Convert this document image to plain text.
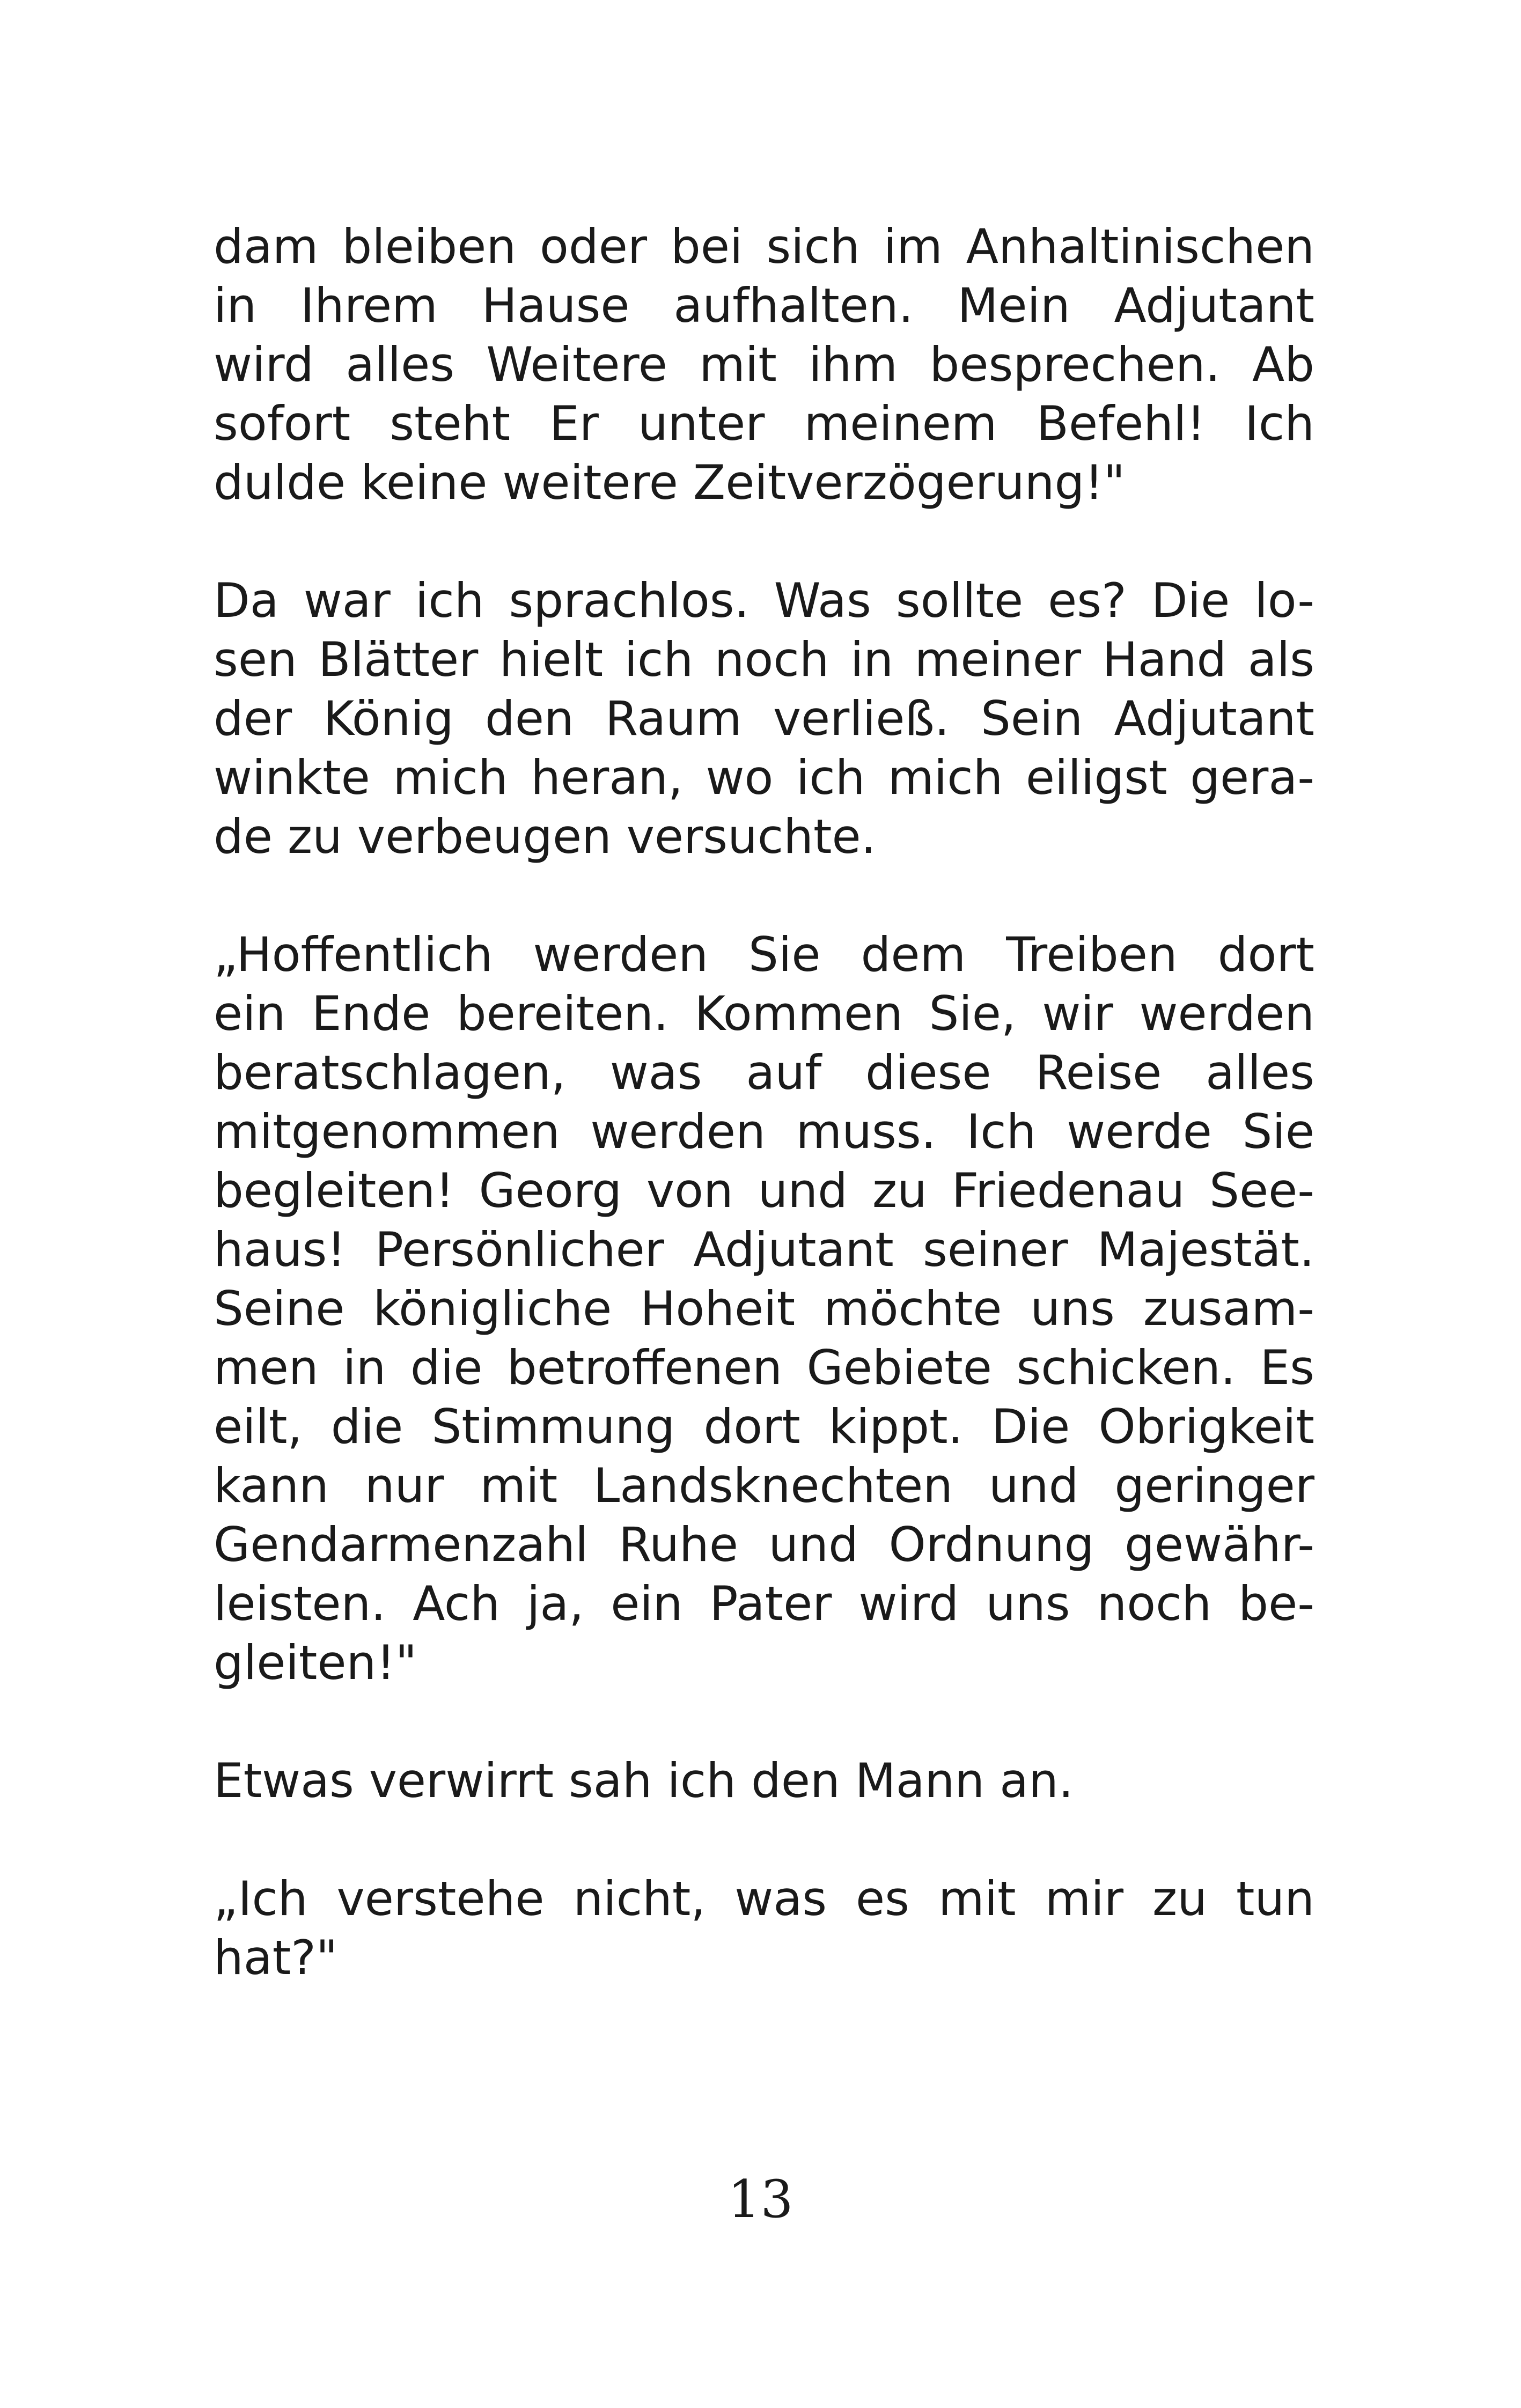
dam bleiben oder bei sich im Anhaltinischen
in Ihrem Hause aufhalten. Mein Adjutant
wird alles Weitere mit ihm besprechen. Ab
sofort steht Er unter meinem Befehl! Ich
dulde keine weitere Zeitverzögerung!"
Da war ich sprachlos. Was sollte es? Die lo-
sen Blätter hielt ich noch in meiner Hand als
der König den Raum verließ. Sein Adjutant
winkte mich heran, wo ich mich eiligst gera-
de zu verbeugen versuchte.
„Hoffentlich werden Sie dem Treiben dort
ein Ende bereiten. Kommen Sie, wir werden
beratschlagen, was auf diese Reise alles
mitgenommen werden muss. Ich werde Sie
begleiten! Georg von und zu Friedenau See-
haus! Persönlicher Adjutant seiner Majestät.
Seine königliche Hoheit möchte uns zusam-
men in die betroffenen Gebiete schicken. Es
eilt, die Stimmung dort kippt. Die Obrigkeit
kann nur mit Landsknechten und geringer
Gendarmenzahl Ruhe und Ordnung gewähr-
leisten. Ach ja, ein Pater wird uns noch be-
gleiten!"
Etwas verwirrt sah ich den Mann an.
„Ich verstehe nicht, was es mit mir zu tun
hat?"
13
